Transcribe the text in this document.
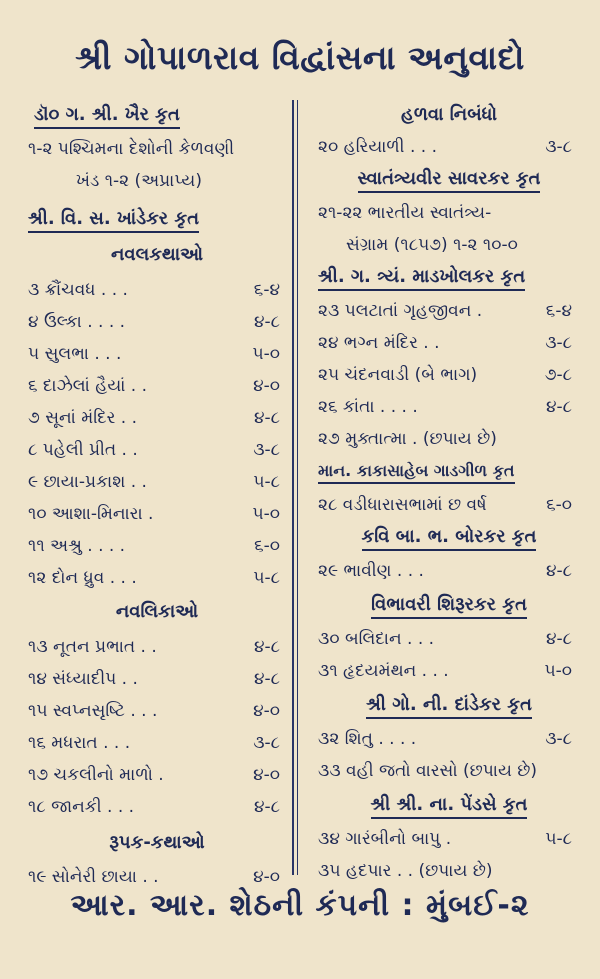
શ્રી ગોપાળરાવ વિદ્વાંસના અનુવાદો
ડૉ૦ ગ. શ્રી. ખૈર કૃત
૧-૨ પશ્ચિમના દેશોની કેળવણી
ખંડ ૧-૨ (અપ્રાપ્ય)
શ્રી. વિ. સ. ખાંડેકર કૃત
નવલકથાઓ
૩ ક્રૌંચવધ . . .	૬-૪
૪ ઉલ્કા . . . .	૪-૮
૫ સુલભા . . .	૫-૦
૬ દાઝેલાં હૈયાં . .	૪-૦
૭ સૂનાં મંદિર . .	૪-૮
૮ પહેલી પ્રીત . .	૩-૮
૯ છાયા-પ્રકાશ . .	૫-૮
૧૦ આશા-મિનારા .	૫-૦
૧૧ અશ્રુ . . . .	૬-૦
૧૨ દોન ધ્રુવ . . .	૫-૮
નવલિકાઓ
૧૩ નૂતન પ્રભાત . .	૪-૮
૧૪ સંધ્યાદીપ . .	૪-૮
૧૫ સ્વપ્નસૃષ્ટિ . . .	૪-૦
૧૬ મધરાત . . .	૩-૮
૧૭ ચકલીનો માળો .	૪-૦
૧૮ જાનકી . . .	૪-૮
રૂપક-કથાઓ
૧૯ સોનેરી છાયા . .	૪-૦
હળવા નિબંધો
૨૦ હરિયાળી . . .	૩-૮
સ્વાતંત્ર્યવીર સાવરકર કૃત
૨૧-૨૨ ભારતીય સ્વાતંત્ર્ય-
સંગ્રામ (૧૮૫૭) ૧-૨ ૧૦-૦
શ્રી. ગ. ત્ર્યં. માડખોલકર કૃત
૨૩ પલટાતાં ગૃહજીવન .	૬-૪
૨૪ ભગ્ન મંદિર . .	૩-૮
૨૫ ચંદનવાડી (બે ભાગ)	૭-૮
૨૬ કાંતા . . . .	૪-૮
૨૭ મુક્તાત્મા . (છપાય છે)
માન. કાકાસાહેબ ગાડગીળ કૃત
૨૮ વડીધારાસભામાં છ વર્ષ	૬-૦
કવિ બા. ભ. બોરકર કૃત
૨૯ ભાવીણ . . .	૪-૮
વિભાવરી શિરૂરકર કૃત
૩૦ બલિદાન . . .	૪-૮
૩૧ હૃદયમંથન . . .	૫-૦
શ્રી ગો. ની. દાંડેકર કૃત
૩૨ શિતુ . . . .	૩-૮
૩૩ વહી જતો વારસો (છપાય છે)
શ્રી શ્રી. ના. પેંડસે કૃત
૩૪ ગારંબીનો બાપુ .	૫-૮
૩૫ હદપાર . . (છપાય છે)
આર. આર. શેઠની કંપની : મુંબઈ-૨
